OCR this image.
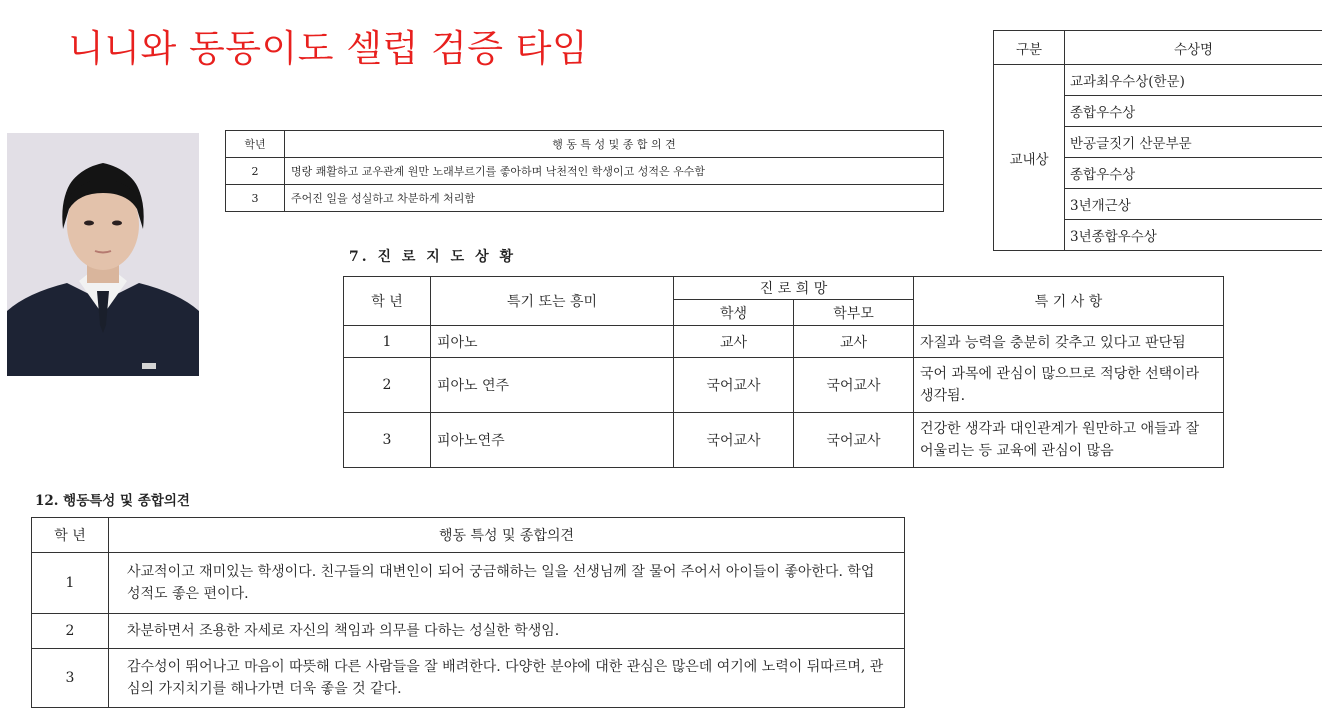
니니와 동동이도 셀럽 검증 타임
학년	행 동 특 성 및 종 합 의 견
2	명랑 쾌활하고 교우관계 원만 노래부르기를 좋아하며 낙천적인 학생이고 성적은 우수함
3	주어진 일을 성실하고 차분하게 처리함
구분	수상명
교내상	교과최우수상(한문)
	종합우수상
	반공글짓기 산문부문
	종합우수상
	3년개근상
	3년종합우수상
7. 진 로 지 도 상 황
학 년	특기 또는 흥미	진 로 희 망		특 기 사 항
		학생	학부모	
1	피아노	교사	교사	자질과 능력을 충분히 갖추고 있다고 판단됨
2	피아노 연주	국어교사	국어교사	국어 과목에 관심이 많으므로 적당한 선택이라 생각됨.
3	피아노연주	국어교사	국어교사	건강한 생각과 대인관계가 원만하고 애들과 잘 어울리는 등 교육에 관심이 많음
12. 행동특성 및 종합의견
학 년	행동 특성 및 종합의견
1	사교적이고 재미있는 학생이다. 친구들의 대변인이 되어 궁금해하는 일을 선생님께 잘 물어 주어서 아이들이 좋아한다. 학업성적도 좋은 편이다.
2	차분하면서 조용한 자세로 자신의 책임과 의무를 다하는 성실한 학생임.
3	감수성이 뛰어나고 마음이 따뜻해 다른 사람들을 잘 배려한다. 다양한 분야에 대한 관심은 많은데 여기에 노력이 뒤따르며, 관심의 가지치기를 해나가면 더욱 좋을 것 같다.
